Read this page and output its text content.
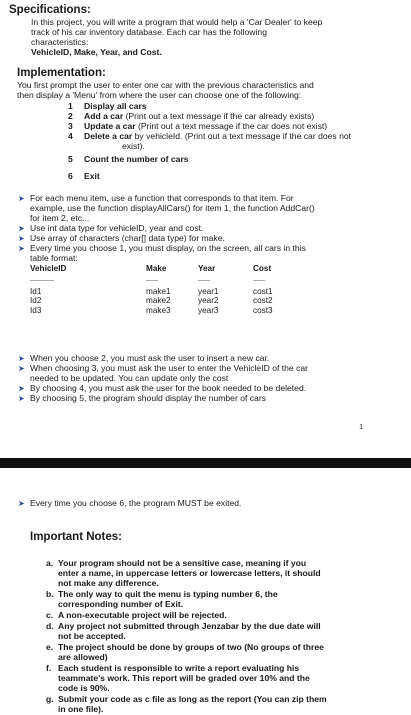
Specifications:
In this project, you will write a program that would help a 'Car Dealer' to keep
track of his car inventory database. Each car has the following
characteristics:
VehicleID, Make, Year, and Cost.
Implementation:
You first prompt the user to enter one car with the previous characteristics and
then display a 'Menu' from where the user can choose one of the following:
1 Display all cars
2 Add a car (Print out a text message if the car already exists)
3 Update a car (Print out a text message if the car does not exist)
4 Delete a car by vehicleId. (Print out a text message if the car does not
exist).
5 Count the number of cars
6 Exit
➤ For each menu item, use a function that corresponds to that item. For
example, use the function displayAllCars() for item 1, the function AddCar()
for item 2, etc...
➤ Use int data type for vehicleID, year and cost.
➤ Use array of characters (char[] data type) for make.
➤ Every time you choose 1, you must display, on the screen, all cars in this
table format:
VehicleID	Make	Year	Cost
------------	------	------	------
Id1	make1	year1	cost1
Id2	make2	year2	cost2
Id3	make3	year3	cost3
➤ When you choose 2, you must ask the user to insert a new car.
➤ When choosing 3, you must ask the user to enter the VehicleID of the car
needed to be updated. You can update only the cost
➤ By choosing 4, you must ask the user for the book needed to be deleted.
➤ By choosing 5, the program should display the number of cars
1
➤ Every time you choose 6, the program MUST be exited.
Important Notes:
a. Your program should not be a sensitive case, meaning if you
enter a name, in uppercase letters or lowercase letters, it should
not make any difference.
b. The only way to quit the menu is typing number 6, the
corresponding number of Exit.
c. A non-executable project will be rejected.
d. Any project not submitted through Jenzabar by the due date will
not be accepted.
e. The project should be done by groups of two (No groups of three
are allowed)
f. Each student is responsible to write a report evaluating his
teammate's work. This report will be graded over 10% and the
code is 90%.
g. Submit your code as c file as long as the report (You can zip them
in one file).
